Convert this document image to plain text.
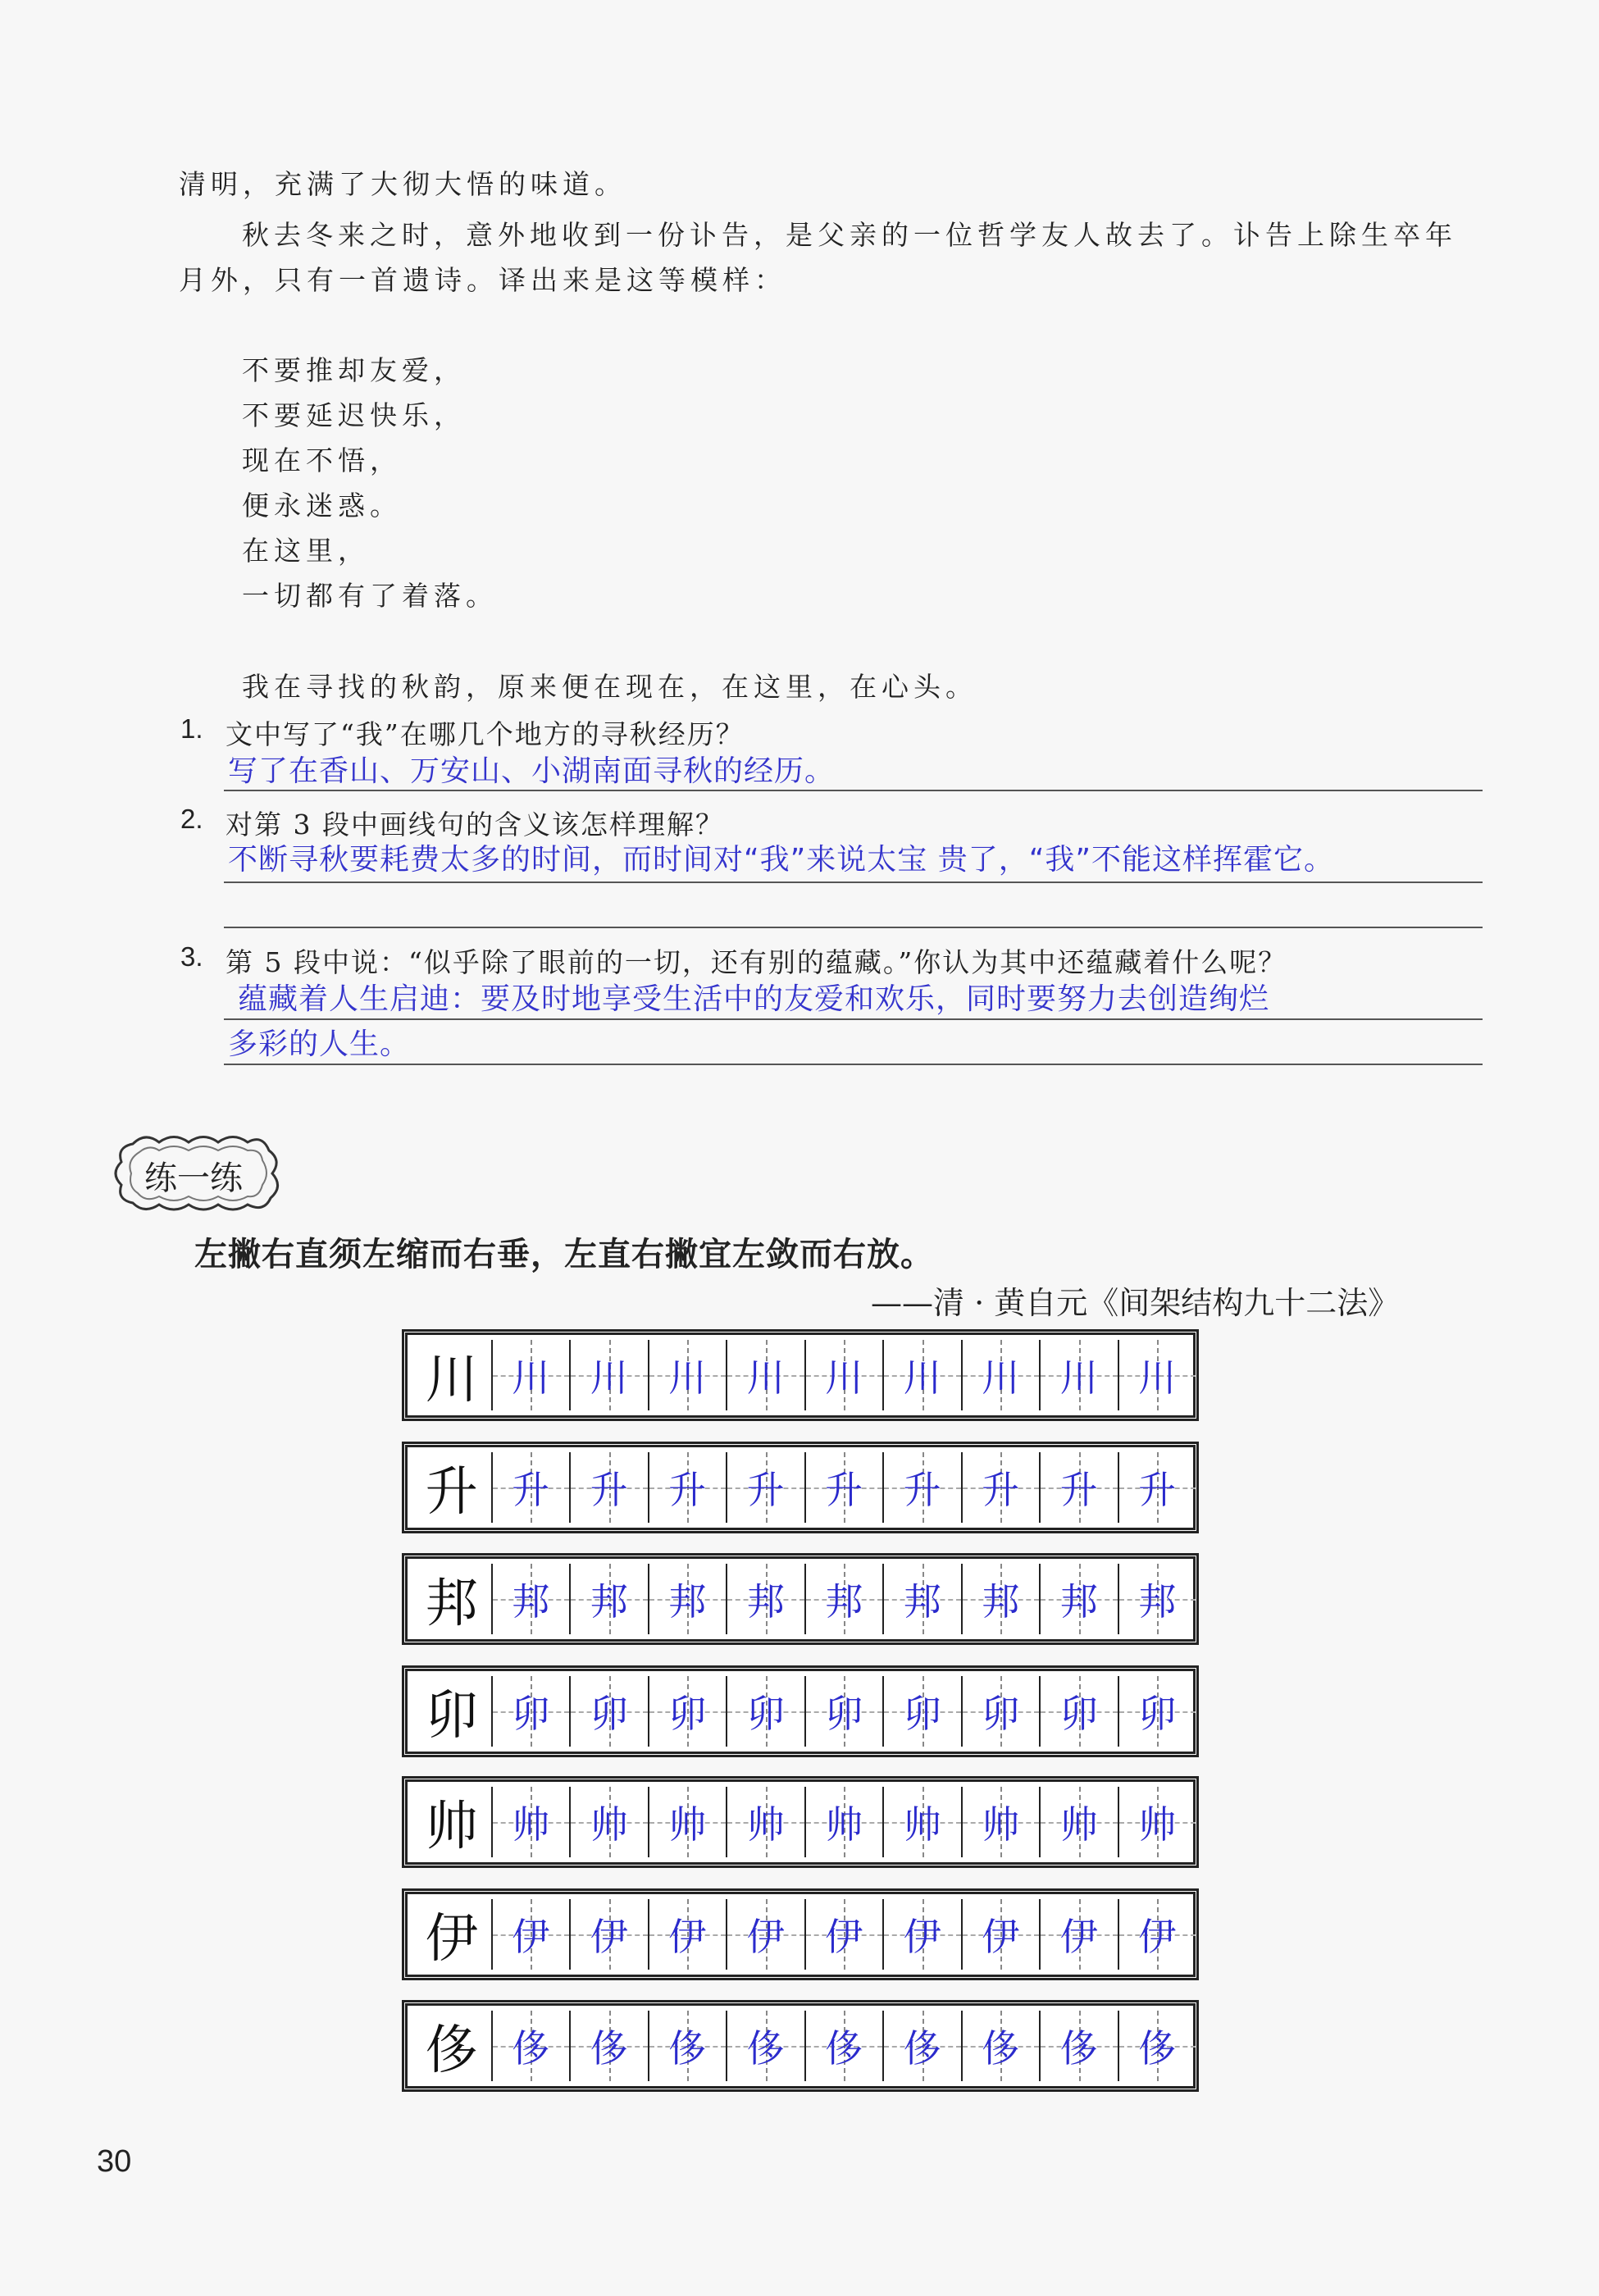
清明，充满了大彻大悟的味道。
秋去冬来之时，意外地收到一份讣告，是父亲的一位哲学友人故去了。讣告上除生卒年
月外，只有一首遗诗。译出来是这等模样：
不要推却友爱，
不要延迟快乐，
现在不悟，
便永迷惑。
在这里，
一切都有了着落。
我在寻找的秋韵，原来便在现在，在这里，在心头。
1. 文中写了“我”在哪几个地方的寻秋经历？
写了在香山、万安山、小湖南面寻秋的经历。
2. 对第 3 段中画线句的含义该怎样理解？
不断寻秋要耗费太多的时间，而时间对“我”来说太宝 贵了，“我”不能这样挥霍它。
3. 第 5 段中说：“似乎除了眼前的一切，还有别的蕴藏。”你认为其中还蕴藏着什么呢？
蕴藏着人生启迪：要及时地享受生活中的友爱和欢乐，同时要努力去创造绚烂
多彩的人生。
练一练
左撇右直须左缩而右垂，左直右撇宜左敛而右放。
——清 · 黄自元《间架结构九十二法》
川 川	川	川	川	川	川	川	川	川
升 升	升	升	升	升	升	升	升	升
邦 邦	邦	邦	邦	邦	邦	邦	邦	邦
卯 卯	卯	卯	卯	卯	卯	卯	卯	卯
帅 帅	帅	帅	帅	帅	帅	帅	帅	帅
伊 伊	伊	伊	伊	伊	伊	伊	伊	伊
侈 侈	侈	侈	侈	侈	侈	侈	侈	侈
30
